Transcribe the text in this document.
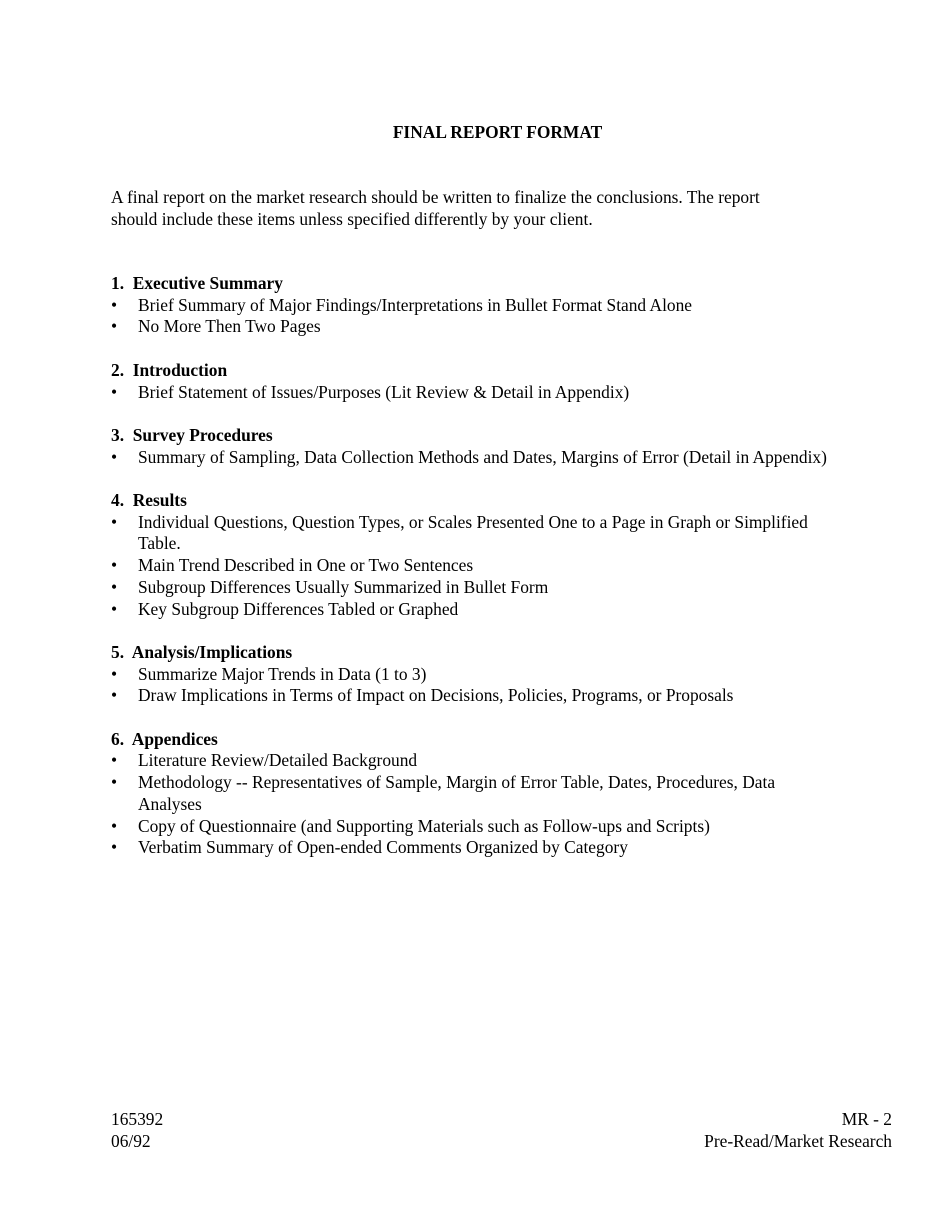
FINAL REPORT FORMAT
A final report on the market research should be written to finalize the conclusions. The report
should include these items unless specified differently by your client.
1.  Executive Summary
• Brief Summary of Major Findings/Interpretations in Bullet Format Stand Alone
• No More Then Two Pages
2.  Introduction
• Brief Statement of Issues/Purposes (Lit Review & Detail in Appendix)
3.  Survey Procedures
• Summary of Sampling, Data Collection Methods and Dates, Margins of Error (Detail in Appendix)
4.  Results
• Individual Questions, Question Types, or Scales Presented One to a Page in Graph or Simplified Table.
• Main Trend Described in One or Two Sentences
• Subgroup Differences Usually Summarized in Bullet Form
• Key Subgroup Differences Tabled or Graphed
5.  Analysis/Implications
• Summarize Major Trends in Data (1 to 3)
• Draw Implications in Terms of Impact on Decisions, Policies, Programs, or Proposals
6.  Appendices
• Literature Review/Detailed Background
• Methodology -- Representatives of Sample, Margin of Error Table, Dates, Procedures, Data Analyses
• Copy of Questionnaire (and Supporting Materials such as Follow-ups and Scripts)
• Verbatim Summary of Open-ended Comments Organized by Category
165392
06/92
MR - 2
Pre-Read/Market Research
